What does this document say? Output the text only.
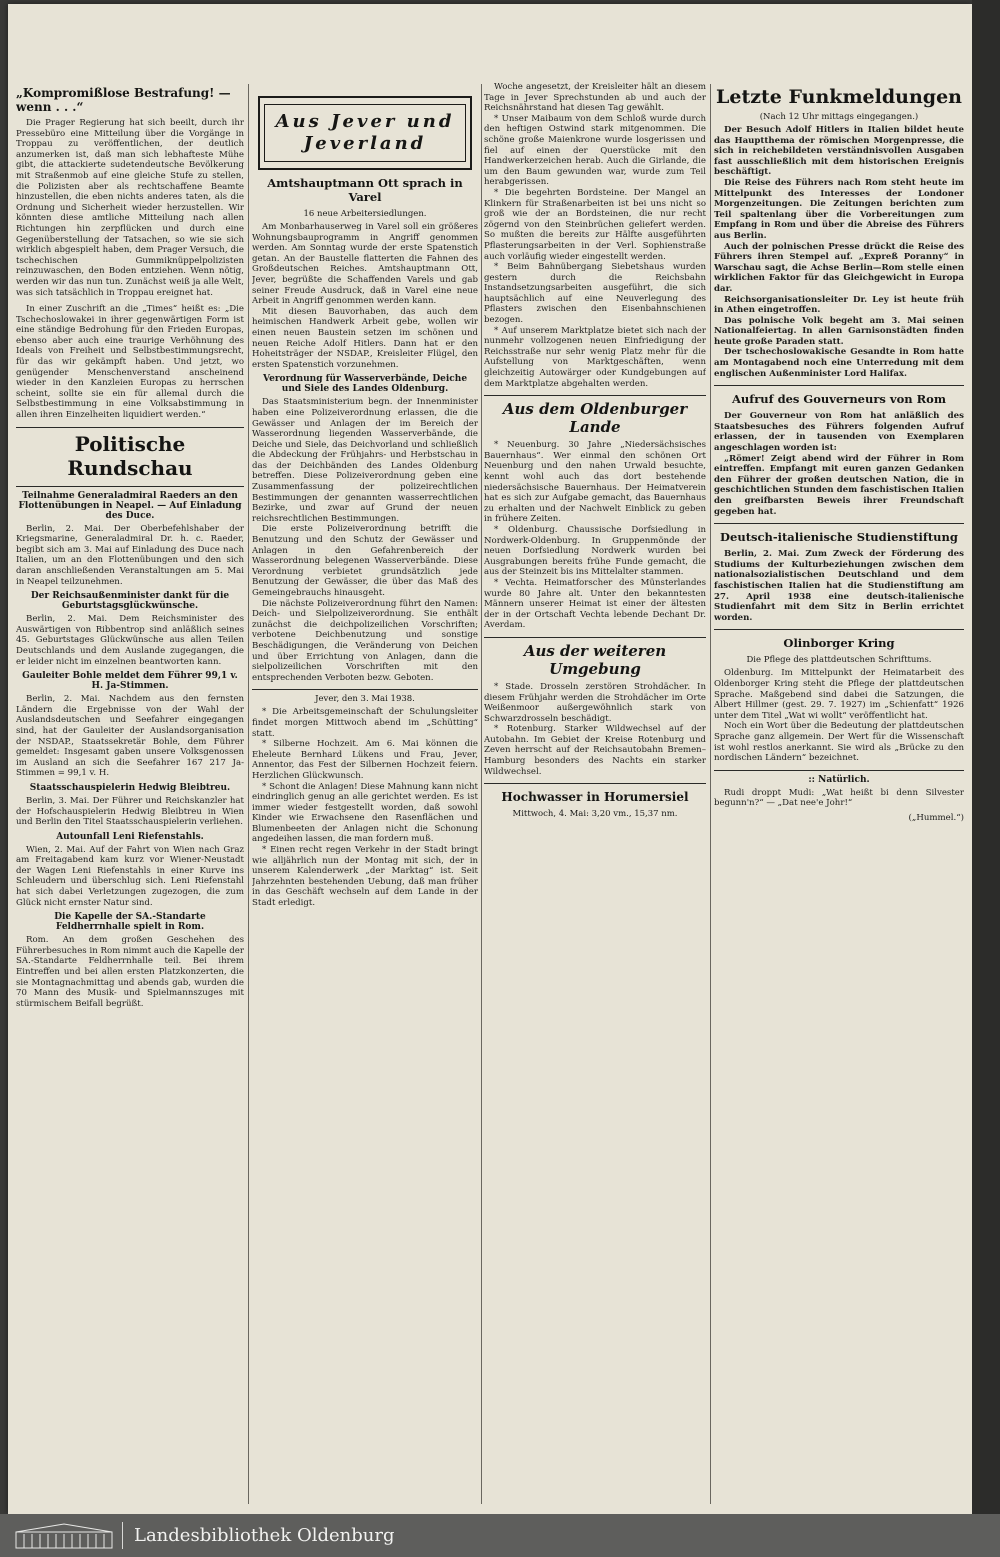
„Kompromißlose Bestrafung! — wenn . . .“

Die Prager Regierung hat sich beeilt, durch ihr Pressebüro eine Mitteilung über die Vorgänge in Troppau zu veröffentlichen, der deutlich anzumerken ist, daß man sich lebhafteste Mühe gibt, die attackierte sudetendeutsche Bevölkerung mit Straßenmob auf eine gleiche Stufe zu stellen, die Polizisten aber als rechtschaffene Beamte hinzustellen, die eben nichts anderes taten, als die Ordnung und Sicherheit wieder herzustellen. Wir könnten diese amtliche Mitteilung nach allen Richtungen hin zerpflücken und durch eine Gegenüberstellung der Tatsachen, so wie sie sich wirklich abgespielt haben, dem Prager Versuch, die tschechischen Gummiknüppelpolizisten reinzuwaschen, den Boden entziehen. Wenn nötig, werden wir das nun tun. Zunächst weiß ja alle Welt, was sich tatsächlich in Troppau ereignet hat.

In einer Zuschrift an die „Times“ heißt es: „Die Tschechoslowakei in ihrer gegenwärtigen Form ist eine ständige Bedrohung für den Frieden Europas, ebenso aber auch eine traurige Verhöhnung des Ideals von Freiheit und Selbstbestimmungsrecht, für das wir gekämpft haben. Und jetzt, wo genügender Menschenverstand anscheinend wieder in den Kanzleien Europas zu herrschen scheint, sollte sie ein für allemal durch die Selbstbestimmung in eine Volksabstimmung in allen ihren Einzelheiten liquidiert werden.“

Politische Rundschau
Teilnahme Generaladmiral Raeders an den Flottenübungen in Neapel. — Auf Einladung des Duce.

Berlin, 2. Mai. Der Oberbefehlshaber der Kriegsmarine, Generaladmiral Dr. h. c. Raeder, begibt sich am 3. Mai auf Einladung des Duce nach Italien, um an den Flottenübungen und den sich daran anschließenden Veranstaltungen am 5. Mai in Neapel teilzunehmen.

Der Reichsaußenminister dankt für die Geburtstagsglückwünsche.

Berlin, 2. Mai. Dem Reichsminister des Auswärtigen von Ribbentrop sind anläßlich seines 45. Geburtstages Glückwünsche aus allen Teilen Deutschlands und dem Auslande zugegangen, die er leider nicht im einzelnen beantworten kann.

Gauleiter Bohle meldet dem Führer 99,1 v. H. Ja-Stimmen.

Berlin, 2. Mai. Nachdem aus den fernsten Ländern die Ergebnisse von der Wahl der Auslandsdeutschen und Seefahrer eingegangen sind, hat der Gauleiter der Auslandsorganisation der NSDAP., Staatssekretär Bohle, dem Führer gemeldet: Insgesamt gaben unsere Volksgenossen im Ausland an sich die Seefahrer 167 217 Ja-Stimmen = 99,1 v. H.

Staatsschauspielerin Hedwig Bleibtreu.

Berlin, 3. Mai. Der Führer und Reichskanzler hat der Hofschauspielerin Hedwig Bleibtreu in Wien und Berlin den Titel Staatsschauspielerin verliehen.

Autounfall Leni Riefenstahls.

Wien, 2. Mai. Auf der Fahrt von Wien nach Graz am Freitagabend kam kurz vor Wiener-Neustadt der Wagen Leni Riefenstahls in einer Kurve ins Schleudern und überschlug sich. Leni Riefenstahl hat sich dabei Verletzungen zugezogen, die zum Glück nicht ernster Natur sind.

Die Kapelle der SA.-Standarte Feldherrnhalle spielt in Rom.

Rom. An dem großen Geschehen des Führerbesuches in Rom nimmt auch die Kapelle der SA.-Standarte Feldherrnhalle teil. Bei ihrem Eintreffen und bei allen ersten Platzkonzerten, die sie Montagnachmittag und abends gab, wurden die 70 Mann des Musik- und Spielmannszuges mit stürmischem Beifall begrüßt.

Aus Jever und Jeverland
Amtshauptmann Ott sprach in Varel
16 neue Arbeitersiedlungen.

Am Monbarhauserweg in Varel soll ein größeres Wohnungsbauprogramm in Angriff genommen werden. Am Sonntag wurde der erste Spatenstich getan. An der Baustelle flatterten die Fahnen des Großdeutschen Reiches. Amtshauptmann Ott, Jever, begrüßte die Schaffenden Varels und gab seiner Freude Ausdruck, daß in Varel eine neue Arbeit in Angriff genommen werden kann.

Mit diesen Bauvorhaben, das auch dem heimischen Handwerk Arbeit gebe, wollen wir einen neuen Baustein setzen im schönen und neuen Reiche Adolf Hitlers. Dann hat er den Hoheitsträger der NSDAP., Kreisleiter Flügel, den ersten Spatenstich vorzunehmen.

Verordnung für Wasserverbände, Deiche und Siele des Landes Oldenburg.

Das Staatsministerium begn. der Innenminister haben eine Polizeiverordnung erlassen, die die Gewässer und Anlagen der im Bereich der Wasserordnung liegenden Wasserverbände, die Deiche und Siele, das Deichvorland und schließlich die Abdeckung der Frühjahrs- und Herbstschau in das der Deichbänden des Landes Oldenburg betreffen. Diese Polizeiverordnung geben eine Zusammenfassung der polizeirechtlichen Bestimmungen der genannten wasserrechtlichen Bezirke, und zwar auf Grund der neuen reichsrechtlichen Bestimmungen.

Die erste Polizeiverordnung betrifft die Benutzung und den Schutz der Gewässer und Anlagen in den Gefahrenbereich der Wasserordnung belegenen Wasserverbände. Diese Verordnung verbietet grundsätzlich jede Benutzung der Gewässer, die über das Maß des Gemeingebrauchs hinausgeht.

Die nächste Polizeiverordnung führt den Namen: Deich- und Sielpolizeiverordnung. Sie enthält zunächst die deichpolizeilichen Vorschriften; verbotene Deichbenutzung und sonstige Beschädigungen, die Veränderung von Deichen und über Errichtung von Anlagen, dann die sielpolizeilichen Vorschriften mit den entsprechenden Verboten bezw. Geboten.

Jever, den 3. Mai 1938.

* Die Arbeitsgemeinschaft der Schulungsleiter findet morgen Mittwoch abend im „Schütting“ statt.

* Silberne Hochzeit. Am 6. Mai können die Eheleute Bernhard Lükens und Frau, Jever, Annentor, das Fest der Silbernen Hochzeit feiern. Herzlichen Glückwunsch.

* Schont die Anlagen! Diese Mahnung kann nicht eindringlich genug an alle gerichtet werden. Es ist immer wieder festgestellt worden, daß sowohl Kinder wie Erwachsene den Rasenflächen und Blumenbeeten der Anlagen nicht die Schonung angedeihen lassen, die man fordern muß.

* Einen recht regen Verkehr in der Stadt bringt wie alljährlich nun der Montag mit sich, der in unserem Kalenderwerk „der Marktag“ ist. Seit Jahrzehnten bestehenden Uebung, daß man früher in das Geschäft wechseln auf dem Lande in der Stadt erledigt.

Woche angesetzt, der Kreisleiter hält an diesem Tage in Jever Sprechstunden ab und auch der Reichsnährstand hat diesen Tag gewählt.

* Unser Maibaum von dem Schloß wurde durch den heftigen Ostwind stark mitgenommen. Die schöne große Maienkrone wurde losgerissen und fiel auf einen der Querstücke mit den Handwerkerzeichen herab. Auch die Girlande, die um den Baum gewunden war, wurde zum Teil herabgerissen.

* Die begehrten Bordsteine. Der Mangel an Klinkern für Straßenarbeiten ist bei uns nicht so groß wie der an Bordsteinen, die nur recht zögernd von den Steinbrüchen geliefert werden. So mußten die bereits zur Hälfte ausgeführten Pflasterungsarbeiten in der Verl. Sophienstraße auch vorläufig wieder eingestellt werden.

* Beim Bahnübergang Siebetshaus wurden gestern durch die Reichsbahn Instandsetzungsarbeiten ausgeführt, die sich hauptsächlich auf eine Neuverlegung des Pflasters zwischen den Eisenbahnschienen bezogen.

* Auf unserem Marktplatze bietet sich nach der nunmehr vollzogenen neuen Einfriedigung der Reichsstraße nur sehr wenig Platz mehr für die Aufstellung von Marktgeschäften, wenn gleichzeitig Autowärger oder Kundgebungen auf dem Marktplatze abgehalten werden.

Aus dem Oldenburger Lande

* Neuenburg. 30 Jahre „Niedersächsisches Bauernhaus“. Wer einmal den schönen Ort Neuenburg und den nahen Urwald besuchte, kennt wohl auch das dort bestehende niedersächsische Bauernhaus. Der Heimatverein hat es sich zur Aufgabe gemacht, das Bauernhaus zu erhalten und der Nachwelt Einblick zu geben in frühere Zeiten.

* Oldenburg. Chaussische Dorfsiedlung in Nordwerk-Oldenburg. In Gruppenmönde der neuen Dorfsiedlung Nordwerk wurden bei Ausgrabungen bereits frühe Funde gemacht, die aus der Steinzeit bis ins Mittelalter stammen.

* Vechta. Heimatforscher des Münsterlandes wurde 80 Jahre alt. Unter den bekanntesten Männern unserer Heimat ist einer der ältesten der in der Ortschaft Vechta lebende Dechant Dr. Averdam.

Aus der weiteren Umgebung

* Stade. Drosseln zerstören Strohdächer. In diesem Frühjahr werden die Strohdächer im Orte Weißenmoor außergewöhnlich stark von Schwarzdrosseln beschädigt.

* Rotenburg. Starker Wildwechsel auf der Autobahn. Im Gebiet der Kreise Rotenburg und Zeven herrscht auf der Reichsautobahn Bremen–Hamburg besonders des Nachts ein starker Wildwechsel.

Hochwasser in Horumersiel
Mittwoch, 4. Mai: 3,20 vm., 15,37 nm.
Letzte Funkmeldungen
(Nach 12 Uhr mittags eingegangen.)

Der Besuch Adolf Hitlers in Italien bildet heute das Hauptthema der römischen Morgenpresse, die sich in reichebildeten verständnisvollen Ausgaben fast ausschließlich mit dem historischen Ereignis beschäftigt.

Die Reise des Führers nach Rom steht heute im Mittelpunkt des Interesses der Londoner Morgenzeitungen. Die Zeitungen berichten zum Teil spaltenlang über die Vorbereitungen zum Empfang in Rom und über die Abreise des Führers aus Berlin.

Auch der polnischen Presse drückt die Reise des Führers ihren Stempel auf. „Expreß Poranny“ in Warschau sagt, die Achse Berlin—Rom stelle einen wirklichen Faktor für das Gleichgewicht in Europa dar.

Reichsorganisationsleiter Dr. Ley ist heute früh in Athen eingetroffen.

Das polnische Volk begeht am 3. Mai seinen Nationalfeiertag. In allen Garnisonstädten finden heute große Paraden statt.

Der tschechoslowakische Gesandte in Rom hatte am Montagabend noch eine Unterredung mit dem englischen Außenminister Lord Halifax.

Aufruf des Gouverneurs von Rom

Der Gouverneur von Rom hat anläßlich des Staatsbesuches des Führers folgenden Aufruf erlassen, der in tausenden von Exemplaren angeschlagen worden ist:

„Römer! Zeigt abend wird der Führer in Rom eintreffen. Empfangt mit euren ganzen Gedanken den Führer der großen deutschen Nation, die in geschichtlichen Stunden dem faschistischen Italien den greifbarsten Beweis ihrer Freundschaft gegeben hat.

Deutsch-italienische Studienstiftung

Berlin, 2. Mai. Zum Zweck der Förderung des Studiums der Kulturbeziehungen zwischen dem nationalsozialistischen Deutschland und dem faschistischen Italien hat die Studienstiftung am 27. April 1938 eine deutsch-italienische Studienfahrt mit dem Sitz in Berlin errichtet worden.

Olinborger Kring
Die Pflege des plattdeutschen Schrifttums.

Oldenburg. Im Mittelpunkt der Heimatarbeit des Oldenborger Kring steht die Pflege der plattdeutschen Sprache. Maßgebend sind dabei die Satzungen, die Albert Hillmer (gest. 29. 7. 1927) im „Schienfatt“ 1926 unter dem Titel „Wat wi wollt“ veröffentlicht hat.

Noch ein Wort über die Bedeutung der plattdeutschen Sprache ganz allgemein. Der Wert für die Wissenschaft ist wohl restlos anerkannt. Sie wird als „Brücke zu den nordischen Ländern“ bezeichnet.

:: Natürlich.

Rudi droppt Mudi: „Wat heißt bi denn Silvester begunn'n?“ — „Dat nee'e Johr!“

(„Hummel.“)
Landesbibliothek Oldenburg
